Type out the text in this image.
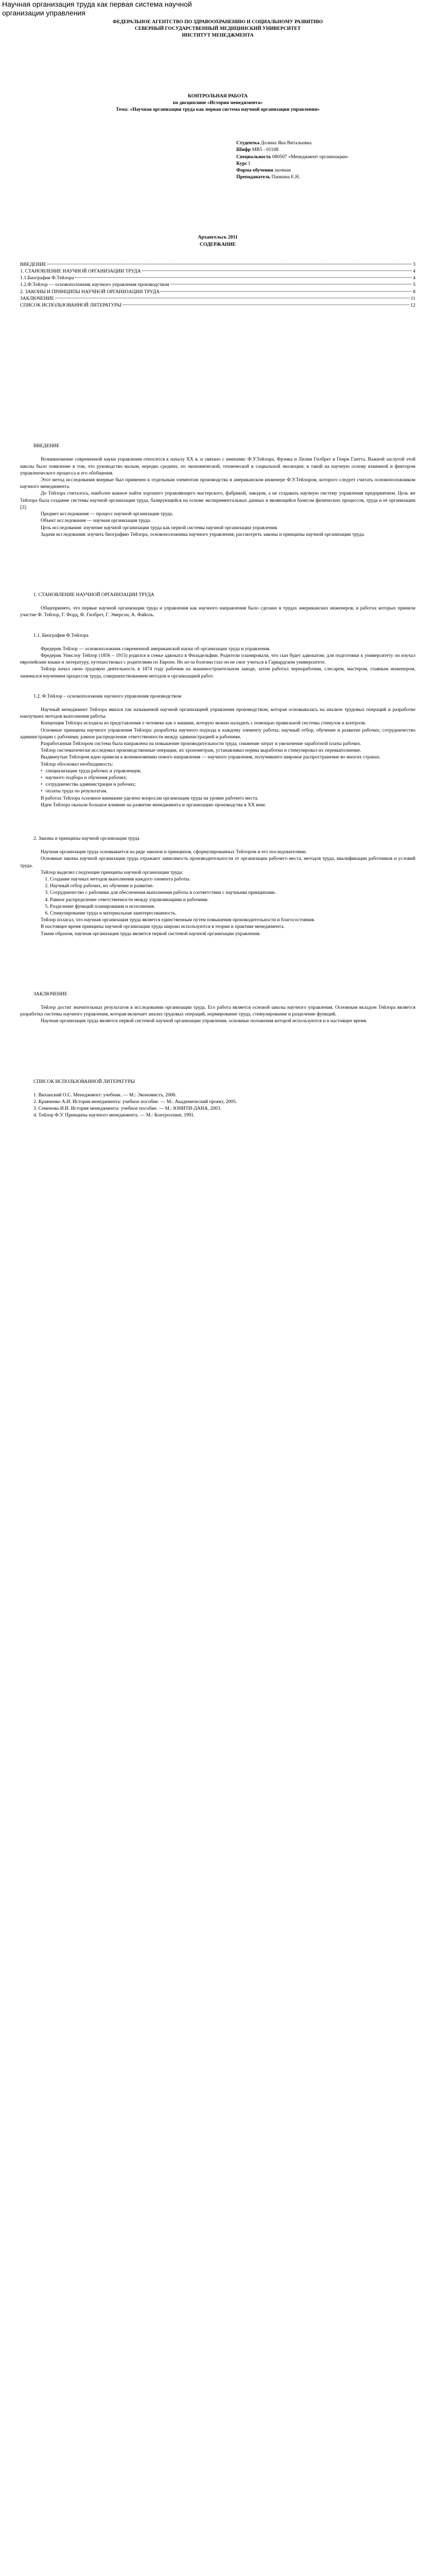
Научная организация труда как первая система научной организации управления

ФЕДЕРАЛЬНОЕ АГЕНТСТВО ПО ЗДРАВООХРАНЕНИЮ И СОЦИАЛЬНОМУ РАЗВИТИЮ

СЕВЕРНЫЙ ГОСУДАРСТВЕННЫЙ МЕДИЦИНСКИЙ УНИВЕРСИТЕТ

ИНСТИТУТ МЕНЕДЖМЕНТА

КОНТРОЛЬНАЯ РАБОТА

по дисциплине «История менеджмента»

Тема: «Научная организация труда как первая система научной организации управления»

Студентка Долина Яна Витальевна

Шифр МВ5 - 01108

Специальность 080507 «Менеджмент организации»

Курс I

Форма обучения заочная

Преподаватель Панкина Е.Н.

Архангельск 2011

СОДЕРЖАНИЕ

ВВЕДЕНИЕ	3
1. СТАНОВЛЕНИЕ НАУЧНОЙ ОРГАНИЗАЦИИ ТРУДА	4
1.1.Биография Ф.Тейлора	4
1.2.Ф.Тейлор — основоположник научного управления производством	5
2. ЗАКОНЫ И ПРИНЦИПЫ НАУЧНОЙ ОРГАНИЗАЦИИ ТРУДА	8
ЗАКЛЮЧЕНИЕ	11
СПИСОК ИСПОЛЬЗОВАННОЙ ЛИТЕРАТУРЫ	12

ВВЕДЕНИЕ

Возникновение современной науки управления относится к началу XX в. и связано с именами: Ф.У.Тейлора, Фрэнка и Лилии Гилбрет и Генри Гантта. Важной заслугой этой школы было появление в том, что руководство малым, нередко средних, по экономической, технической и социальной эволюции; в такой на научную основу взаимной и фиктором управленческого процесса и его обобщения.

Этот метод исследования впервые был применен к отдельным элементам производства в американском инженере Ф.У.Тейлором, которого следует считать основоположником научного менеджмента.

До Тейлора считалось, наиболее важное найти хорошего управляющего мастерского, фабрикой, заводом, а не создавать научную систему управления предприятием. Цель же Тейлора была создание системы научной организации труда, базирующейся на основе экспериментальных данных и являющейся базисом физических процессов, трудa и её организации [2].

Предмет исследования — процесс научной организации труда.

Объект исследования — научная организация труда.

Цель исследования: изучение научной организации труда как первой системы научной организации управления.

Задачи исследования: изучить биографию Тейлора, основоположника научного управления; рассмотреть законы и принципы научной организации труда.

1. СТАНОВЛЕНИЕ НАУЧНОЙ ОРГАНИЗАЦИИ ТРУДА

Общепринято, что первые научной организации труда и управления как научного направления было сделано в трудах американских инженеров, в работах которых приняли участие Ф. Тейлор, Г. Форд, Ф. Гилбрет, Г. Эмерсон, А. Файоль.

1.1. Биография Ф.Тейлора

Фредерик Тейлор — основоположник современной американской науки об организации труда и управления.

Фредерик Уинслоу Тейлор (1856 – 1915) родился в семье адвоката в Филадельфии. Родители планировали, что сын будет адвокатом; для подготовки к университету он изучал европейские языки и литературу, путешествовал с родителями по Европе. Но из-за болезни глаз он не смог учиться в Гарвардском университете.

Тейлор начал свою трудовую деятельность в 1874 году рабочим на машиностроительном заводе, затем работал чернорабочим, слесарем, мастером, главным инженером, занимался изучением процессов труда, совершенствованием методов и организацией работ.

1.2. Ф.Тейлор – основоположник научного управления производством

Научный менеджмент Тейлора явился так называемой научной организацией управления производством, которая основывалась на анализе трудовых операций и разработке наилучших методов выполнения работы.

Концепция Тейлора исходила из представления о человеке как о машине, которую можно наладить с помощью правильной системы стимулов и контроля.

Основные принципы научного управления Тейлора: разработка научного подхода к каждому элементу работы; научный отбор, обучение и развитие рабочих; сотрудничество администрации с рабочими; равное распределение ответственности между администрацией и рабочими.

Разработанная Тейлором система была направлена на повышение производительности труда, снижение затрат и увеличение заработной платы рабочих.

Тейлор систематически исследовал производственные операции, их хронометраж, устанавливал нормы выработки и стимулировал их перевыполнение.

Выдвинутые Тейлором идеи привели к возникновению нового направления — научного управления, получившего широкое распространение во многих странах.

Тейлор обосновал необходимость:

• специализации труда рабочих и управленцев;
• научного подбора и обучения рабочих;
• сотрудничества администрации и рабочих;
• оплаты труда по результатам.

В работах Тейлора основное внимание уделено вопросам организации труда на уровне рабочего места.

Идеи Тейлора оказали большое влияние на развитие менеджмента и организацию производства в XX веке.

2. Законы и принципы научной организации труда

Научная организация труда основывается на ряде законов и принципов, сформулированных Тейлором и его последователями.

Основные законы научной организации труда отражают зависимость производительности от организации рабочего места, методов труда, квалификации работников и условий труда.

Тейлор выделял следующие принципы научной организации труда:

1. Создание научных методов выполнения каждого элемента работы.
2. Научный отбор рабочих, их обучение и развитие.
3. Сотрудничество с рабочими для обеспечения выполнения работы в соответствии с научными принципами.
4. Равное распределение ответственности между управляющими и рабочими.
5. Разделение функций планирования и исполнения.
6. Стимулирование труда и материальная заинтересованность.

Тейлор полагал, что научная организация труда является единственным путем повышения производительности и благосостояния.

В настоящее время принципы научной организации труда широко используются в теории и практике менеджмента.

Таким образом, научная организация труда является первой системой научной организации управления.

ЗАКЛЮЧЕНИЕ

Тейлор достиг значительных результатов в исследовании организации труда. Его работа является основой школы научного управления. Основным вкладом Тейлора является разработка системы научного управления, которая включает анализ трудовых операций, нормирование труда, стимулирование и разделение функций.

Научная организация труда является первой системой научной организации управления, основные положения которой используются и в настоящее время.

СПИСОК ИСПОЛЬЗОВАННОЙ ЛИТЕРАТУРЫ

1. Виханский О.С. Менеджмент: учебник. — М.: Экономистъ, 2006.

2. Кравченко А.И. История менеджмента: учебное пособие. — М.: Академический проект, 2005.

3. Семенова И.И. История менеджмента: учебное пособие. — М.: ЮНИТИ-ДАНА, 2003.

4. Тейлор Ф.У. Принципы научного менеджмента. — М.: Контроллинг, 1991.
